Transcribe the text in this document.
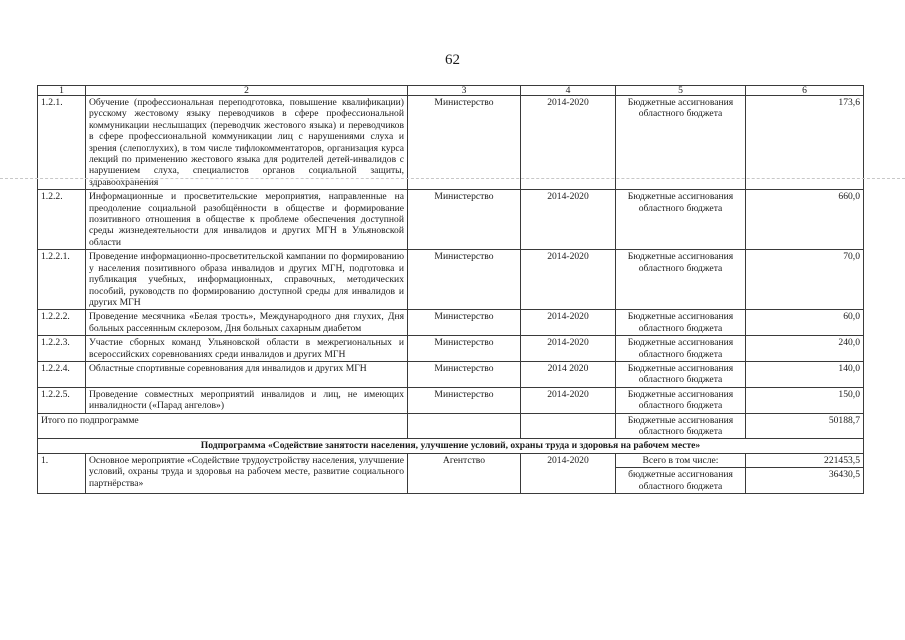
62
1	2	3	4	5	6
1.2.1.	Обучение (профессиональная переподготовка, повышение квалификации) русскому жестовому языку переводчиков в сфере профессиональной коммуникации неслышащих (переводчик жестового языка) и переводчиков в сфере профессиональной коммуникации лиц с нарушениями слуха и зрения (слепоглухих), в том числе тифлокомментаторов, организация курса лекций по применению жестового языка для родителей детей-инвалидов с нарушением слуха, специалистов органов социальной защиты, здравоохранения	Министерство	2014-2020	Бюджетные ассигнования областного бюджета	173,6
1.2.2.	Информационные и просветительские мероприятия, направленные на преодоление социальной разобщённости в обществе и формирование позитивного отношения в обществе к проблеме обеспечения доступной среды жизнедеятельности для инвалидов и других МГН в Ульяновской области	Министерство	2014-2020	Бюджетные ассигнования областного бюджета	660,0
1.2.2.1.	Проведение информационно-просветительской кампании по формированию у населения позитивного образа инвалидов и других МГН, подготовка и публикация учебных, информационных, справочных, методических пособий, руководств по формированию доступной среды для инвалидов и других МГН	Министерство	2014-2020	Бюджетные ассигнования областного бюджета	70,0
1.2.2.2.	Проведение месячника «Белая трость», Международного дня глухих, Дня больных рассеянным склерозом, Дня больных сахарным диабетом	Министерство	2014-2020	Бюджетные ассигнования областного бюджета	60,0
1.2.2.3.	Участие сборных команд Ульяновской области в межрегиональных и всероссийских соревнованиях среди инвалидов и других МГН	Министерство	2014-2020	Бюджетные ассигнования областного бюджета	240,0
1.2.2.4.	Областные спортивные соревнования для инвалидов и других МГН	Министерство	2014 2020	Бюджетные ассигнования областного бюджета	140,0
1.2.2.5.	Проведение совместных мероприятий инвалидов и лиц, не имеющих инвалидности («Парад ангелов»)	Министерство	2014-2020	Бюджетные ассигнования областного бюджета	150,0
Итого по подпрограмме				Бюджетные ассигнования областного бюджета	50188,7
Подпрограмма «Содействие занятости населения, улучшение условий, охраны труда и здоровья на рабочем месте»					
1.	Основное мероприятие «Содействие трудоустройству населения, улучшение условий, охраны труда и здоровья на рабочем месте, развитие социального партнёрства»	Агентство	2014-2020	Всего в том числе:	221453,5
				бюджетные ассигнования областного бюджета	36430,5
